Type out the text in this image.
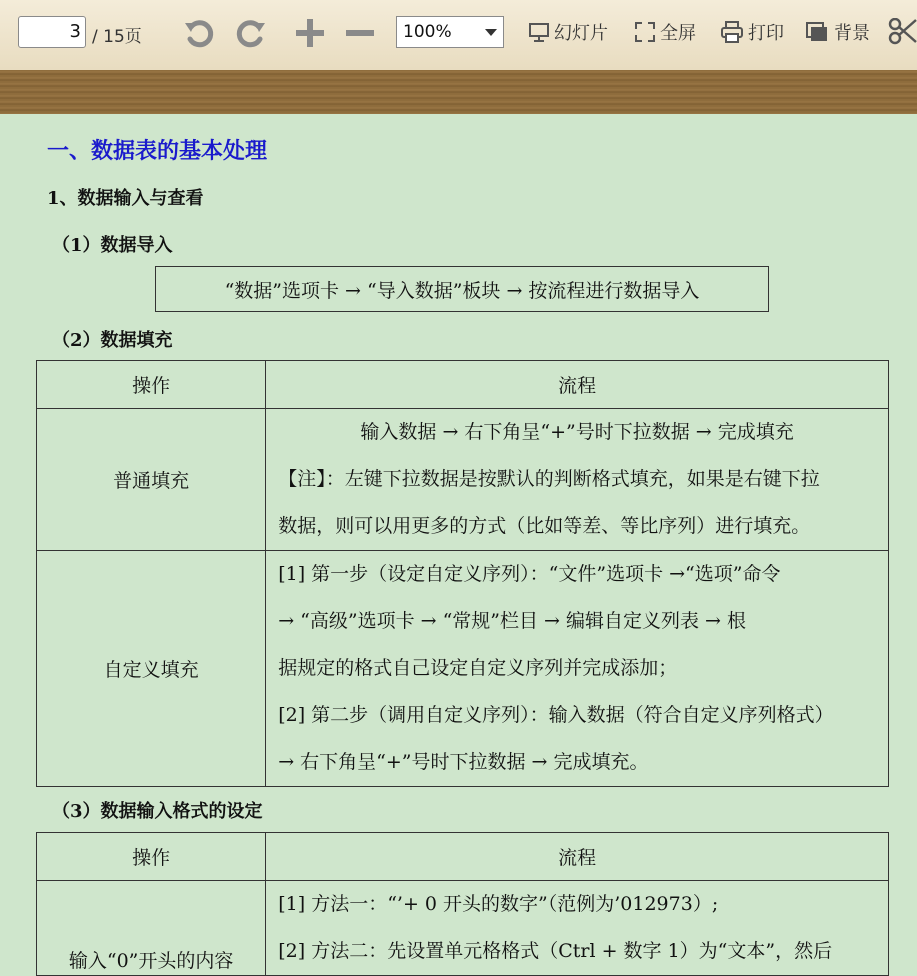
3 / 15页	100%	幻灯片	全屏	打印	背景
一、数据表的基本处理
1、数据输入与查看
（1）数据导入
“数据”选项卡 → “导入数据”板块 → 按流程进行数据导入
（2）数据填充
操作	流程
普通填充	输入数据 → 右下角呈“+”号时下拉数据 → 完成填充
【注】：左键下拉数据是按默认的判断格式填充，如果是右键下拉
数据，则可以用更多的方式（比如等差、等比序列）进行填充。

自定义填充	[1] 第一步（设定自定义序列）：“文件”选项卡 →“选项”命令
→ “高级”选项卡 → “常规”栏目 → 编辑自定义列表 → 根
据规定的格式自己设定自定义序列并完成添加；
[2] 第二步（调用自定义序列）：输入数据（符合自定义序列格式）
→ 右下角呈“+”号时下拉数据 → 完成填充。
（3）数据输入格式的设定
操作	流程
输入“0”开头的内容	[1] 方法一：“’+ 0 开头的数字”（范例为’012973）;
[2] 方法二：先设置单元格格式（Ctrl + 数字 1）为“文本”，然后
